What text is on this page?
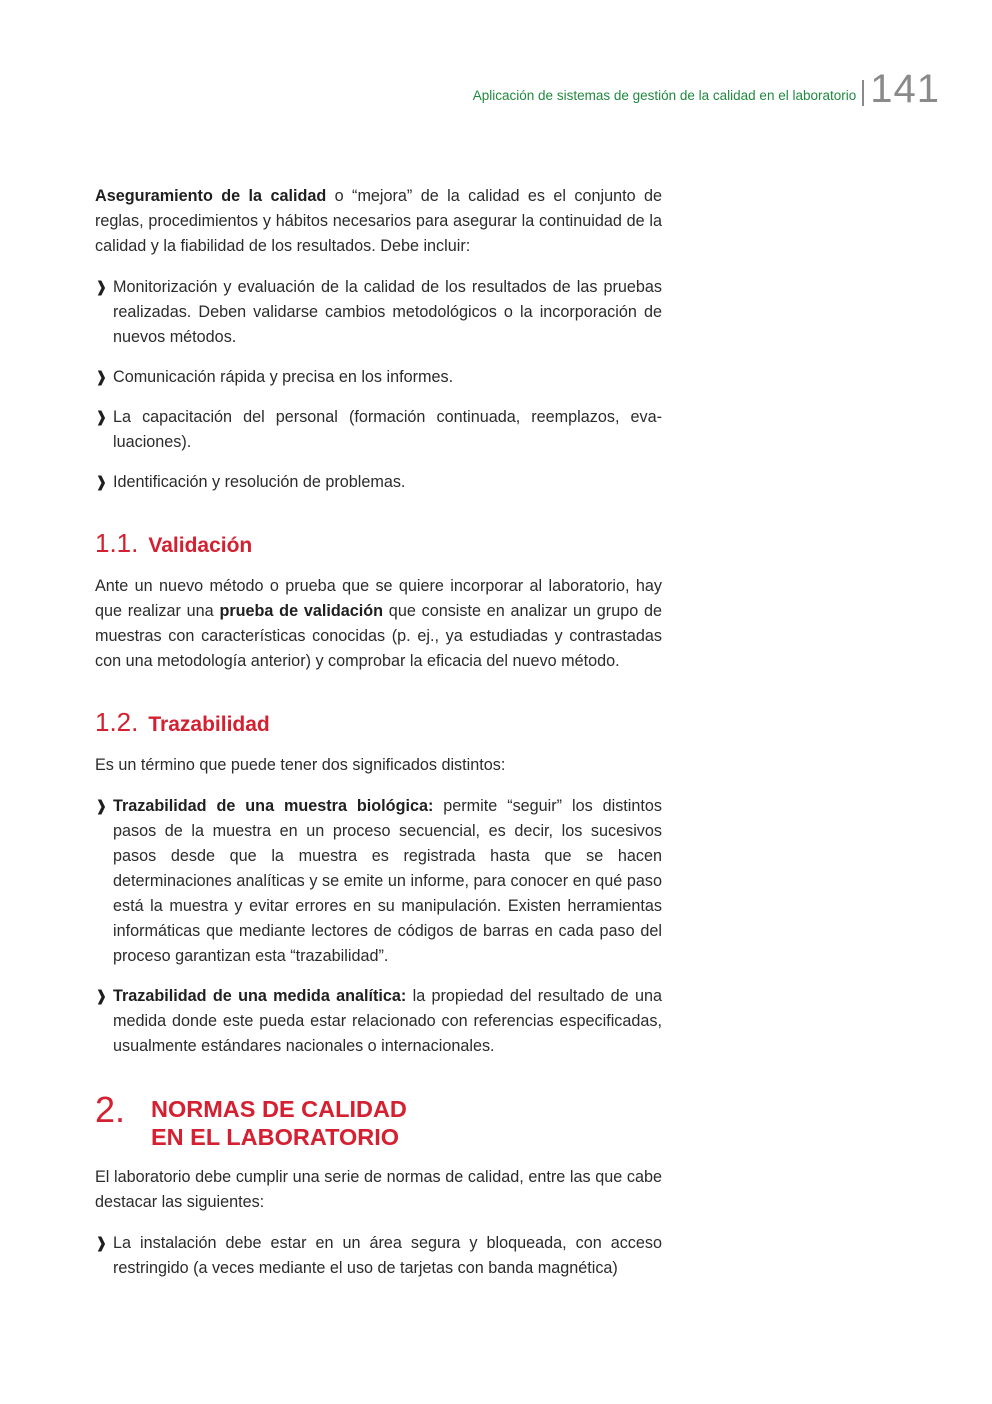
Aplicación de sistemas de gestión de la calidad en el laboratorio 141

Aseguramiento de la calidad o “mejora” de la calidad es el conjunto de reglas, procedimientos y hábitos necesarios para asegurar la continuidad de la calidad y la fiabilidad de los resultados. Debe incluir:

❱ Monitorización y evaluación de la calidad de los resultados de las pruebas realizadas. Deben validarse cambios metodológicos o la incorporación de nuevos métodos.
❱ Comunicación rápida y precisa en los informes.
❱ La capacitación del personal (formación continuada, reemplazos, evaluaciones).
❱ Identificación y resolución de problemas.
1.1. Validación

Ante un nuevo método o prueba que se quiere incorporar al laboratorio, hay que realizar una prueba de validación que consiste en analizar un grupo de muestras con características conocidas (p. ej., ya estudiadas y contrastadas con una metodología anterior) y comprobar la eficacia del nuevo método.

1.2. Trazabilidad

Es un término que puede tener dos significados distintos:

❱ Trazabilidad de una muestra biológica: permite “seguir” los distintos pasos de la muestra en un proceso secuencial, es decir, los sucesivos pasos desde que la muestra es registrada hasta que se hacen determinaciones analíticas y se emite un informe, para conocer en qué paso está la muestra y evitar errores en su manipulación. Existen herramientas informáticas que mediante lectores de códigos de barras en cada paso del proceso garantizan esta “trazabilidad”.
❱ Trazabilidad de una medida analítica: la propiedad del resultado de una medida donde este pueda estar relacionado con referencias especificadas, usualmente estándares nacionales o internacionales.
2.	NORMAS DE CALIDAD
EN EL LABORATORIO

El laboratorio debe cumplir una serie de normas de calidad, entre las que cabe destacar las siguientes:

❱ La instalación debe estar en un área segura y bloqueada, con acceso restringido (a veces mediante el uso de tarjetas con banda magnética)
